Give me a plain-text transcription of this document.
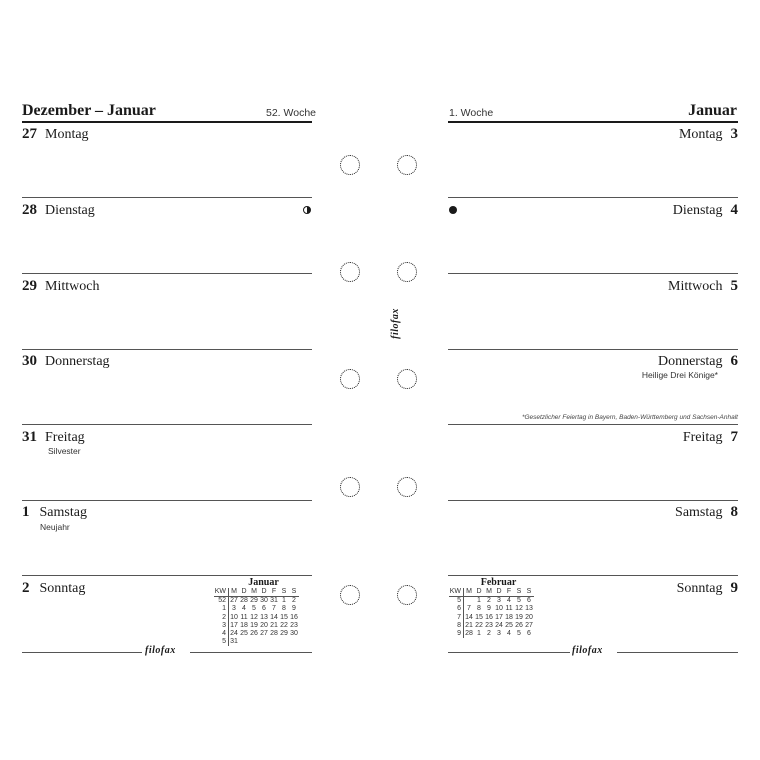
Dezember – Januar	52. Woche	1. Woche	Januar
27 Montag
28 Dienstag
29 Mittwoch
30 Donnerstag
31 Freitag
Silvester
1 Samstag
Neujahr
2 Sonntag	Januar
KW	M	D	M	D	F	S	S
52	27	28	29	30	31	1	2
1	3	4	5	6	7	8	9
2	10	11	12	13	14	15	16
3	17	18	19	20	21	22	23
4	24	25	26	27	28	29	30
5	31						
filofax
Montag 3
Dienstag 4
Mittwoch 5
Donnerstag 6
Heilige Drei Könige*
*Gesetzlicher Feiertag in Bayern, Baden-Württemberg und Sachsen-Anhalt
Freitag 7
Samstag 8
Sonntag 9
Februar
KW	M	D	M	D	F	S	S
5		1	2	3	4	5	6
6	7	8	9	10	11	12	13
7	14	15	16	17	18	19	20
8	21	22	23	24	25	26	27
9	28	1	2	3	4	5	6
filofax
filofax
